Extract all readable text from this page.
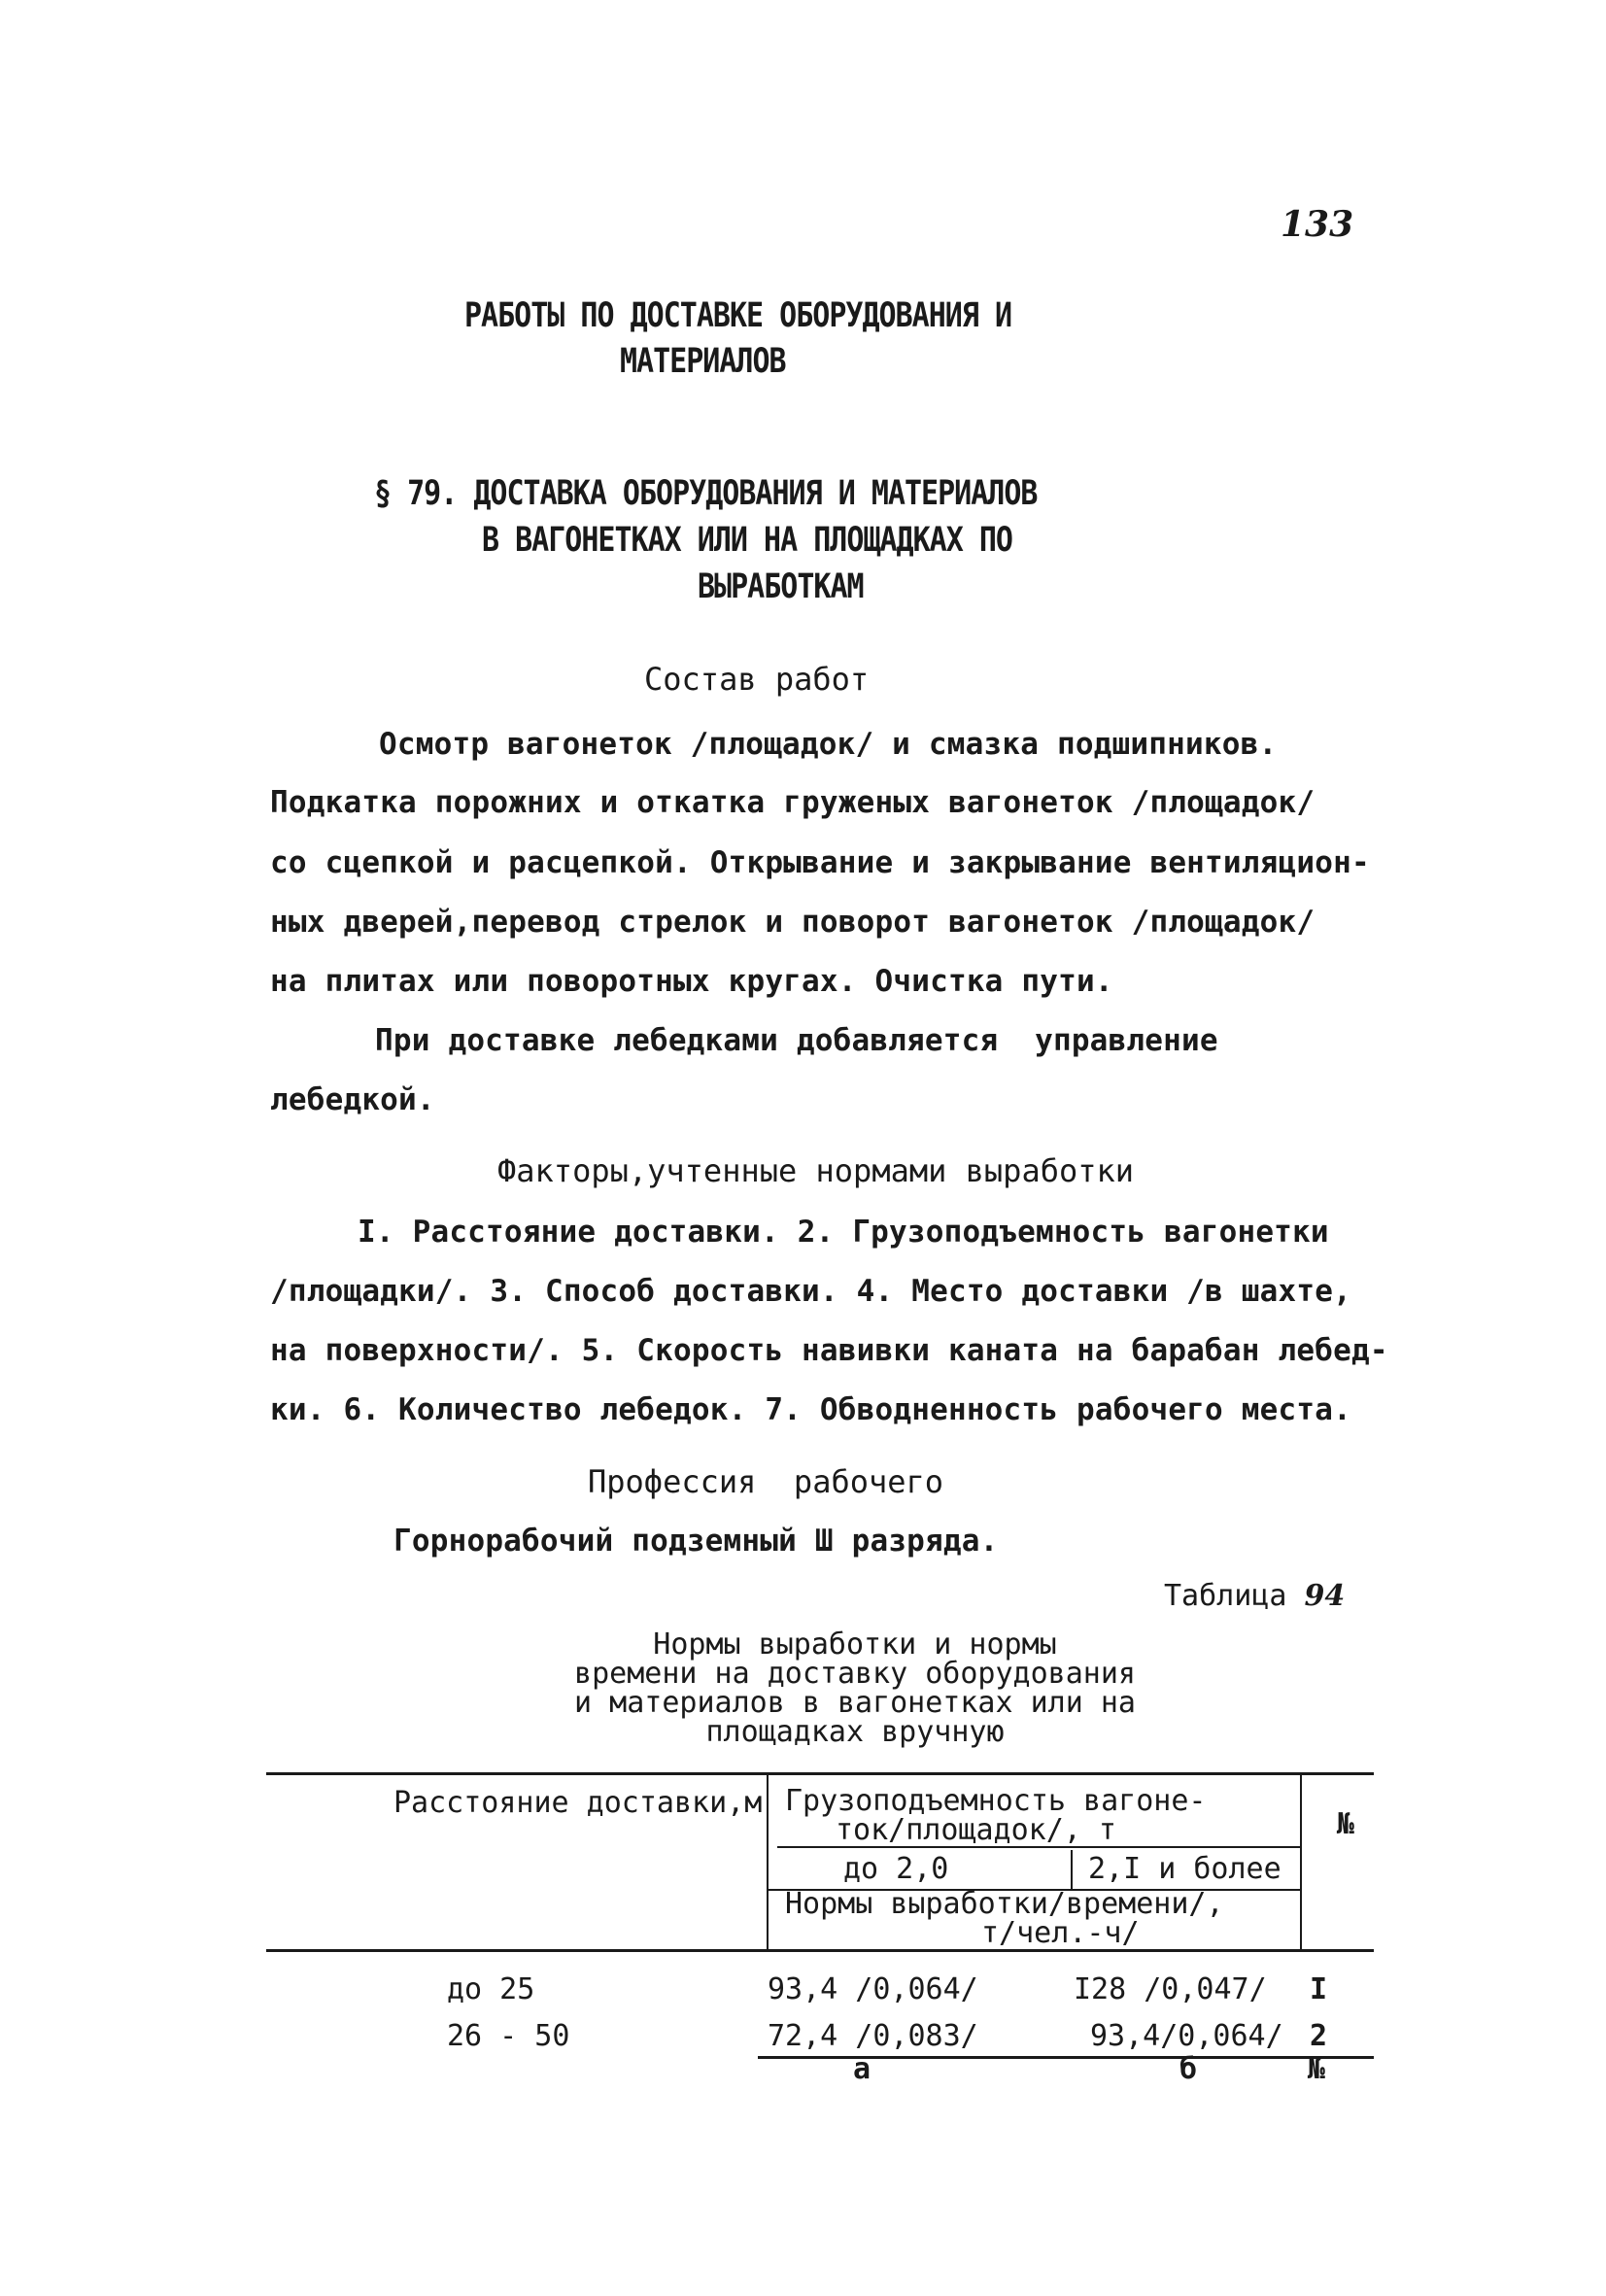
133
РАБОТЫ ПО ДОСТАВКЕ ОБОРУДОВАНИЯ И
МАТЕРИАЛОВ
§ 79. ДОСТАВКА ОБОРУДОВАНИЯ И МАТЕРИАЛОВ
В ВАГОНЕТКАХ ИЛИ НА ПЛОЩАДКАХ ПО
ВЫРАБОТКАМ
Состав работ
Осмотр вагонеток /площадок/ и смазка подшипников.
Подкатка порожних и откатка груженых вагонеток /площадок/
со сцепкой и расцепкой. Открывание и закрывание вентиляцион-
ных дверей,перевод стрелок и поворот вагонеток /площадок/
на плитах или поворотных кругах. Очистка пути.
При доставке лебедками добавляется  управление
лебедкой.
Факторы,учтенные нормами выработки
I. Расстояние доставки. 2. Грузоподъемность вагонетки
/площадки/. 3. Способ доставки. 4. Место доставки /в шахте,
на поверхности/. 5. Скорость навивки каната на барабан лебед-
ки. 6. Количество лебедок. 7. Обводненность рабочего места.
Профессия  рабочего
Горнорабочий подземный Ш разряда.
Таблица 94
Нормы выработки и нормы
времени на доставку оборудования
и материалов в вагонетках или на
площадках вручную
Расстояние доставки,м Грузоподъемность вагоне-
ток/площадок/, т	№
до 2,0	2,I и более
Нормы выработки/времени/,
т/чел.-ч/
до 25	93,4 /0,064/	I28 /0,047/ I
26 - 50	72,4 /0,083/	93,4/0,064/ 2
а	б	№
